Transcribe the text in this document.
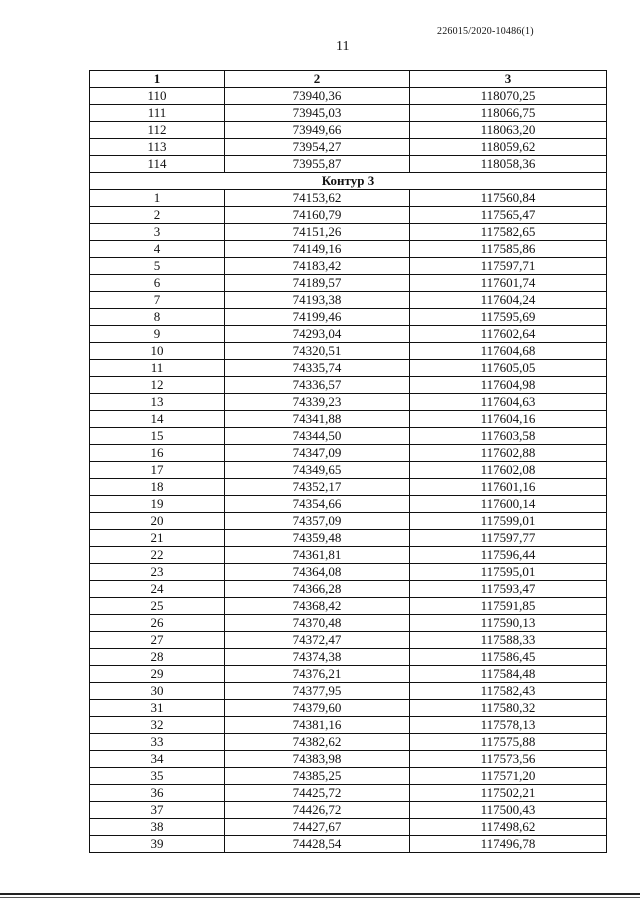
226015/2020-10486(1)
11
1	2	3
110	73940,36	118070,25
111	73945,03	118066,75
112	73949,66	118063,20
113	73954,27	118059,62
114	73955,87	118058,36
Контур 3		
1	74153,62	117560,84
2	74160,79	117565,47
3	74151,26	117582,65
4	74149,16	117585,86
5	74183,42	117597,71
6	74189,57	117601,74
7	74193,38	117604,24
8	74199,46	117595,69
9	74293,04	117602,64
10	74320,51	117604,68
11	74335,74	117605,05
12	74336,57	117604,98
13	74339,23	117604,63
14	74341,88	117604,16
15	74344,50	117603,58
16	74347,09	117602,88
17	74349,65	117602,08
18	74352,17	117601,16
19	74354,66	117600,14
20	74357,09	117599,01
21	74359,48	117597,77
22	74361,81	117596,44
23	74364,08	117595,01
24	74366,28	117593,47
25	74368,42	117591,85
26	74370,48	117590,13
27	74372,47	117588,33
28	74374,38	117586,45
29	74376,21	117584,48
30	74377,95	117582,43
31	74379,60	117580,32
32	74381,16	117578,13
33	74382,62	117575,88
34	74383,98	117573,56
35	74385,25	117571,20
36	74425,72	117502,21
37	74426,72	117500,43
38	74427,67	117498,62
39	74428,54	117496,78
